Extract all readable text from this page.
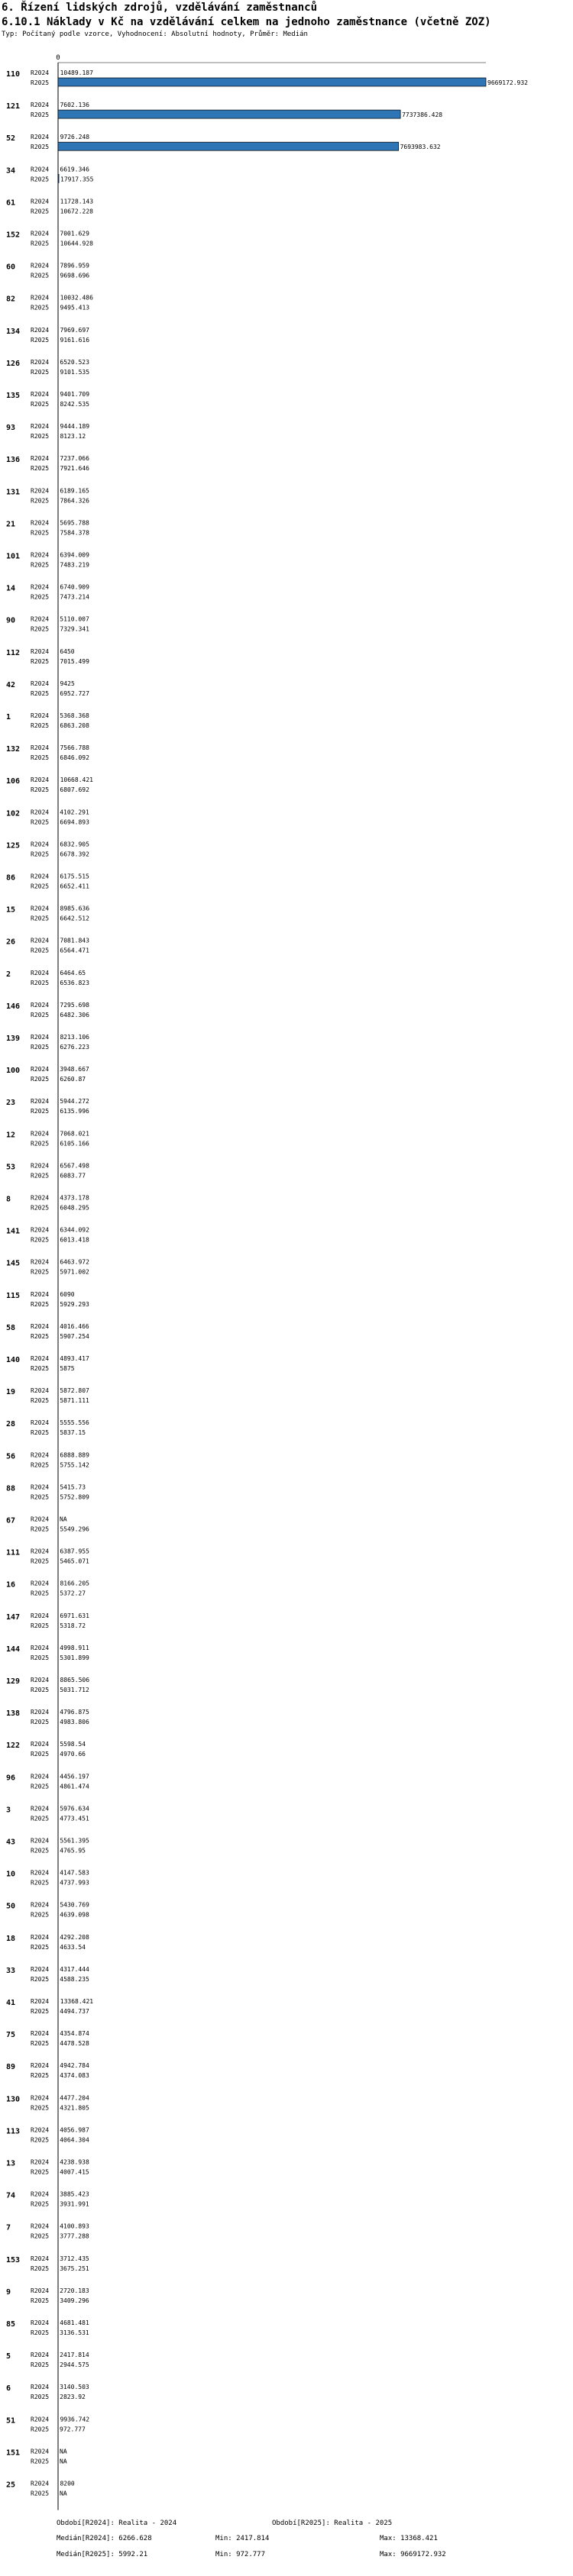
6. Řízení lidských zdrojů, vzdělávání zaměstnanců
6.10.1 Náklady v Kč na vzdělávání celkem na jednoho zaměstnance (včetně ZOZ)
Typ: Počítaný podle vzorce, Vyhodnocení: Absolutní hodnoty, Průměr: Medián
0
110 R2024 10489.187
R2025	9669172.932
121 R2024 7602.136
R2025	7737386.428
52 R2024 9726.248
R2025	7693983.632
34 R2024 6619.346
R2025 17917.355
61 R2024 11728.143
R2025 10672.228
152 R2024 7001.629
R2025 10644.928
60 R2024 7896.959
R2025 9698.696
82 R2024 10032.486
R2025 9495.413
134 R2024 7969.697
R2025 9161.616
126 R2024 6520.523
R2025 9101.535
135 R2024 9401.709
R2025 8242.535
93 R2024 9444.189
R2025 8123.12
136 R2024 7237.066
R2025 7921.646
131 R2024 6189.165
R2025 7864.326
21 R2024 5695.788
R2025 7584.378
101 R2024 6394.009
R2025 7483.219
14 R2024 6740.909
R2025 7473.214
90 R2024 5110.007
R2025 7329.341
112 R2024 6450
R2025 7015.499
42 R2024 9425
R2025 6952.727
1	R2024 5368.368
R2025 6863.208
132 R2024 7566.788
R2025 6846.092
106 R2024 10668.421
R2025 6807.692
102 R2024 4102.291
R2025 6694.893
125 R2024 6832.905
R2025 6678.392
86 R2024 6175.515
R2025 6652.411
15 R2024 8985.636
R2025 6642.512
26 R2024 7081.843
R2025 6564.471
2	R2024 6464.65
R2025 6536.823
146 R2024 7295.698
R2025 6482.306
139 R2024 8213.106
R2025 6276.223
100 R2024 3948.667
R2025 6260.87
23 R2024 5944.272
R2025 6135.996
12 R2024 7068.021
R2025 6105.166
53 R2024 6567.498
R2025 6083.77
8	R2024 4373.178
R2025 6048.295
141 R2024 6344.092
R2025 6013.418
145 R2024 6463.972
R2025 5971.002
115 R2024 6090
R2025 5929.293
58 R2024 4016.466
R2025 5907.254
140 R2024 4893.417
R2025 5875
19 R2024 5872.807
R2025 5871.111
28 R2024 5555.556
R2025 5837.15
56 R2024 6888.889
R2025 5755.142
88 R2024 5415.73
R2025 5752.809
67 R2024 NA
R2025 5549.296
111 R2024 6387.955
R2025 5465.071
16 R2024 8166.205
R2025 5372.27
147 R2024 6971.631
R2025 5318.72
144 R2024 4998.911
R2025 5301.899
129 R2024 8865.506
R2025 5031.712
138 R2024 4796.875
R2025 4983.806
122 R2024 5598.54
R2025 4970.66
96 R2024 4456.197
R2025 4861.474
3	R2024 5976.634
R2025 4773.451
43 R2024 5561.395
R2025 4765.95
10 R2024 4147.583
R2025 4737.993
50 R2024 5430.769
R2025 4639.098
18 R2024 4292.208
R2025 4633.54
33 R2024 4317.444
R2025 4588.235
41 R2024 13368.421
R2025 4494.737
75 R2024 4354.874
R2025 4478.528
89 R2024 4942.784
R2025 4374.083
130 R2024 4477.204
R2025 4321.805
113 R2024 4056.987
R2025 4064.304
13 R2024 4238.938
R2025 4007.415
74 R2024 3885.423
R2025 3931.991
7	R2024 4100.893
R2025 3777.288
153 R2024 3712.435
R2025 3675.251
9	R2024 2720.183
R2025 3409.296
85 R2024 4681.481
R2025 3136.531
5	R2024 2417.814
R2025 2944.575
6	R2024 3140.503
R2025 2823.92
51 R2024 9936.742
R2025 972.777
151 R2024 NA
R2025 NA
25 R2024 8200
R2025 NA
Období[R2024]: Realita - 2024	Období[R2025]: Realita - 2025
Medián[R2024]: 6266.628	Min: 2417.814	Max: 13368.421
Medián[R2025]: 5992.21	Min: 972.777	Max: 9669172.932
